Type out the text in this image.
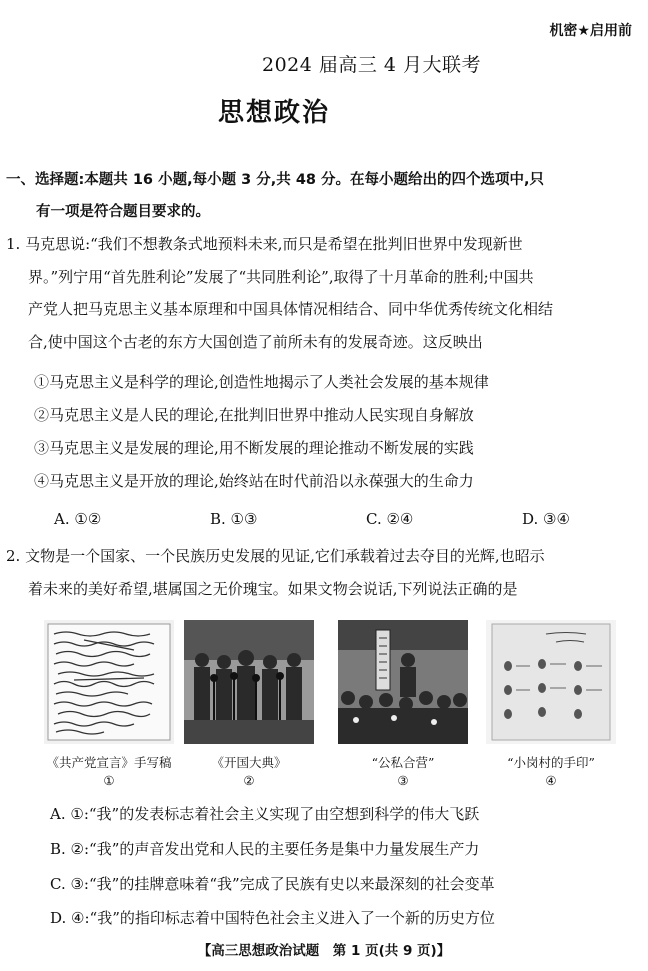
机密★启用前
2024 届高三 4 月大联考
思想政治
一、选择题:本题共 16 小题,每小题 3 分,共 48 分。在每小题给出的四个选项中,只
有一项是符合题目要求的。
1. 马克思说:“我们不想教条式地预料未来,而只是希望在批判旧世界中发现新世
界。”列宁用“首先胜利论”发展了“共同胜利论”,取得了十月革命的胜利;中国共
产党人把马克思主义基本原理和中国具体情况相结合、同中华优秀传统文化相结
合,使中国这个古老的东方大国创造了前所未有的发展奇迹。这反映出
①马克思主义是科学的理论,创造性地揭示了人类社会发展的基本规律
②马克思主义是人民的理论,在批判旧世界中推动人民实现自身解放
③马克思主义是发展的理论,用不断发展的理论推动不断发展的实践
④马克思主义是开放的理论,始终站在时代前沿以永葆强大的生命力
A. ①②	B. ①③	C. ②④	D. ③④
2. 文物是一个国家、一个民族历史发展的见证,它们承载着过去夺目的光辉,也昭示
着未来的美好希望,堪属国之无价瑰宝。如果文物会说话,下列说法正确的是
《共产党宣言》手写稿
①
《开国大典》
②
“公私合营”
③
“小岗村的手印”
④
A. ①:“我”的发表标志着社会主义实现了由空想到科学的伟大飞跃
B. ②:“我”的声音发出党和人民的主要任务是集中力量发展生产力
C. ③:“我”的挂牌意味着“我”完成了民族有史以来最深刻的社会变革
D. ④:“我”的指印标志着中国特色社会主义进入了一个新的历史方位
【高三思想政治试题　第 1 页(共 9 页)】
